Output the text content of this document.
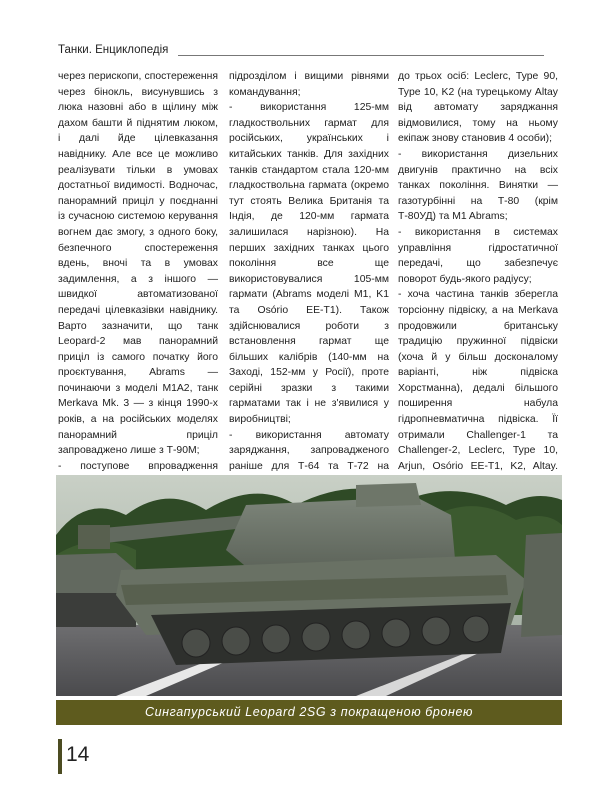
Танки. Енциклопедія

через перископи, спостереження через бінокль, висунувшись з люка назовні або в щілину між дахом башти й піднятим люком, і далі йде цілевказання навіднику. Але все це можливо реалізувати тільки в умовах достатньої видимості. Водночас, панорамний приціл у поєднанні із сучасною системою керування вогнем дає змогу, з одного боку, безпечного спостереження вдень, вночі та в умовах задимлення, а з іншого — швидкої автоматизованої передачі цілевказівки навіднику. Варто зазначити, що танк Leopard-2 мав панорамний приціл із самого початку його проєктування, Abrams — починаючи з моделі M1A2, танк Merkava Mk. 3 — з кінця 1990-х років, а на російських моделях панорамний приціл запроваджено лише з Т-90М;

- поступове впровадження

підрозділом і вищими рівнями командування;

- використання 125-мм гладкоствольних гармат для російських, українських і китайських танків. Для західних танків стандартом стала 120-мм гладкоствольна гармата (окремо тут стоять Велика Британія та Індія, де 120-мм гармата залишилася нарізною). На перших західних танках цього покоління все ще використовувалися 105-мм гармати (Abrams моделі M1, K1 та Osório EE-T1). Також здійснювалися роботи з встановлення гармат ще більших калібрів (140-мм на Заході, 152-мм у Росії), проте серійні зразки з такими гарматами так і не з'явилися у виробництві;

- використання автомату заряджання, запровадженого раніше для Т-64 та Т-72 на

до трьох осіб: Leclerc, Type 90, Type 10, K2 (на турецькому Altay від автомату заряджання відмовилися, тому на ньому екіпаж знову становив 4 особи);

- використання дизельних двигунів практично на всіх танках покоління. Винятки — газотурбінні на Т-80 (крім Т-80УД) та M1 Abrams;

- використання в системах управління гідростатичної передачі, що забезпечує поворот будь-якого радіусу;

- хоча частина танків зберегла торсіонну підвіску, а на Merkava продовжили британську традицію пружинної підвіски (хоча й у більш досконалому варіанті, ніж підвіска Хорстманна), дедалі більшого поширення набула гідропневматична підвіска. Її отримали Challenger-1 та Challenger-2, Leclerc, Type 10, Arjun, Osório EE-T1, K2, Altay.

Сингапурський Leopard 2SG з покращеною бронею
14
